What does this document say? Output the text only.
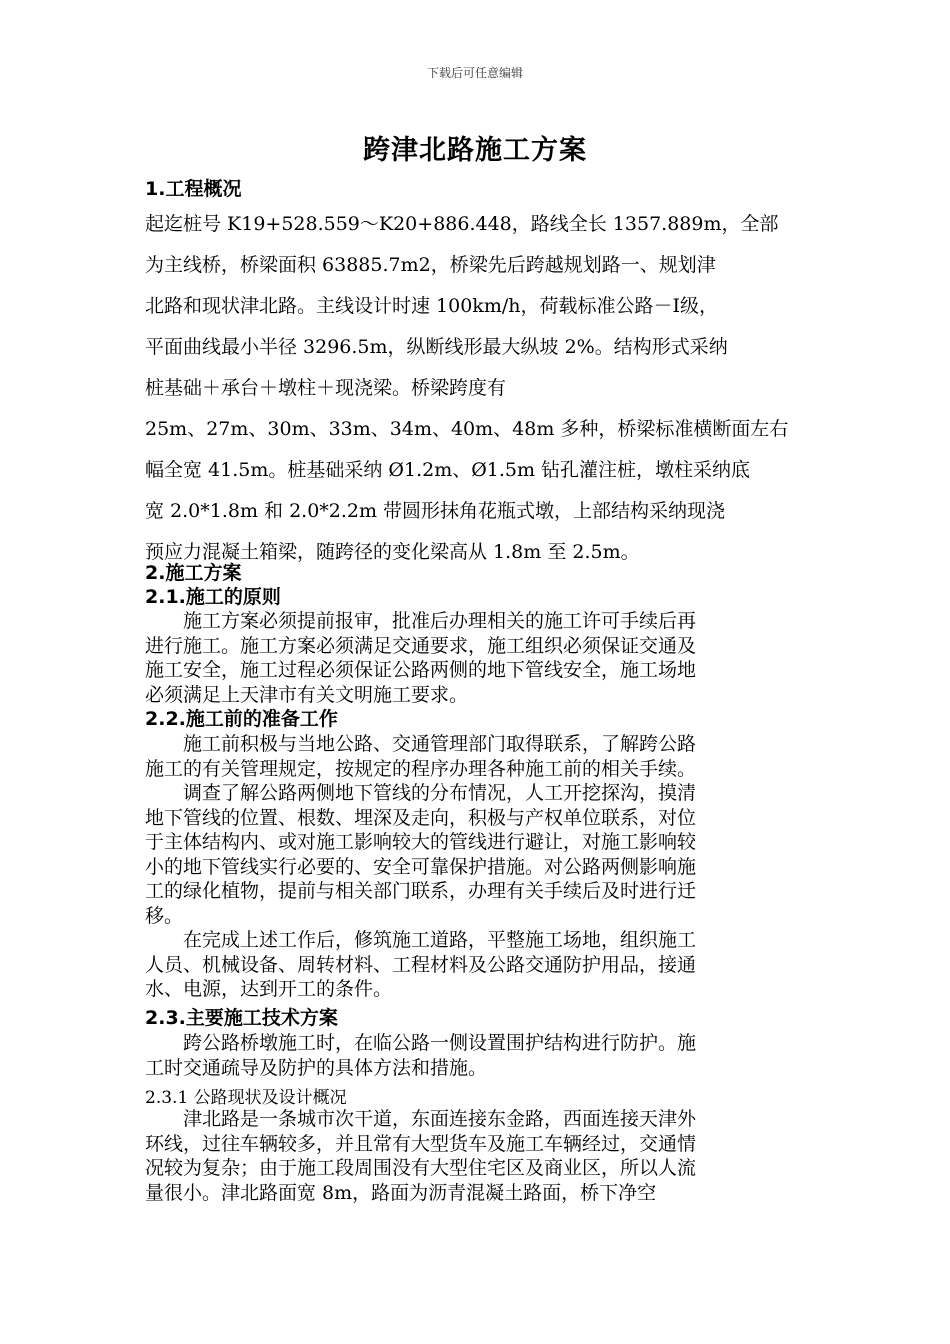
下载后可任意编辑
跨津北路施工方案
1.工程概况
起迄桩号 K19+528.559～K20+886.448，路线全长 1357.889m，全部
为主线桥，桥梁面积 63885.7m2，桥梁先后跨越规划路一、规划津
北路和现状津北路。主线设计时速 100km/h，荷载标准公路－Ⅰ级，
平面曲线最小半径 3296.5m，纵断线形最大纵坡 2%。结构形式采纳
桩基础＋承台＋墩柱＋现浇梁。桥梁跨度有
25m、27m、30m、33m、34m、40m、48m 多种，桥梁标准横断面左右
幅全宽 41.5m。桩基础采纳 Ø1.2m、Ø1.5m 钻孔灌注桩，墩柱采纳底
宽 2.0*1.8m 和 2.0*2.2m 带圆形抹角花瓶式墩，上部结构采纳现浇
预应力混凝土箱梁，随跨径的变化梁高从 1.8m 至 2.5m。
2.施工方案
2.1.施工的原则
　　施工方案必须提前报审，批准后办理相关的施工许可手续后再
进行施工。施工方案必须满足交通要求，施工组织必须保证交通及
施工安全，施工过程必须保证公路两侧的地下管线安全，施工场地
必须满足上天津市有关文明施工要求。
2.2.施工前的准备工作
　　施工前积极与当地公路、交通管理部门取得联系，了解跨公路
施工的有关管理规定，按规定的程序办理各种施工前的相关手续。
　　调查了解公路两侧地下管线的分布情况，人工开挖探沟，摸清
地下管线的位置、根数、埋深及走向，积极与产权单位联系，对位
于主体结构内、或对施工影响较大的管线进行避让，对施工影响较
小的地下管线实行必要的、安全可靠保护措施。对公路两侧影响施
工的绿化植物，提前与相关部门联系，办理有关手续后及时进行迁
移。
　　在完成上述工作后，修筑施工道路，平整施工场地，组织施工
人员、机械设备、周转材料、工程材料及公路交通防护用品，接通
水、电源，达到开工的条件。
2.3.主要施工技术方案
　　跨公路桥墩施工时，在临公路一侧设置围护结构进行防护。施
工时交通疏导及防护的具体方法和措施。
2.3.1 公路现状及设计概况
　　津北路是一条城市次干道，东面连接东金路，西面连接天津外
环线，过往车辆较多，并且常有大型货车及施工车辆经过，交通情
况较为复杂；由于施工段周围没有大型住宅区及商业区，所以人流
量很小。津北路面宽 8m，路面为沥青混凝土路面，桥下净空
